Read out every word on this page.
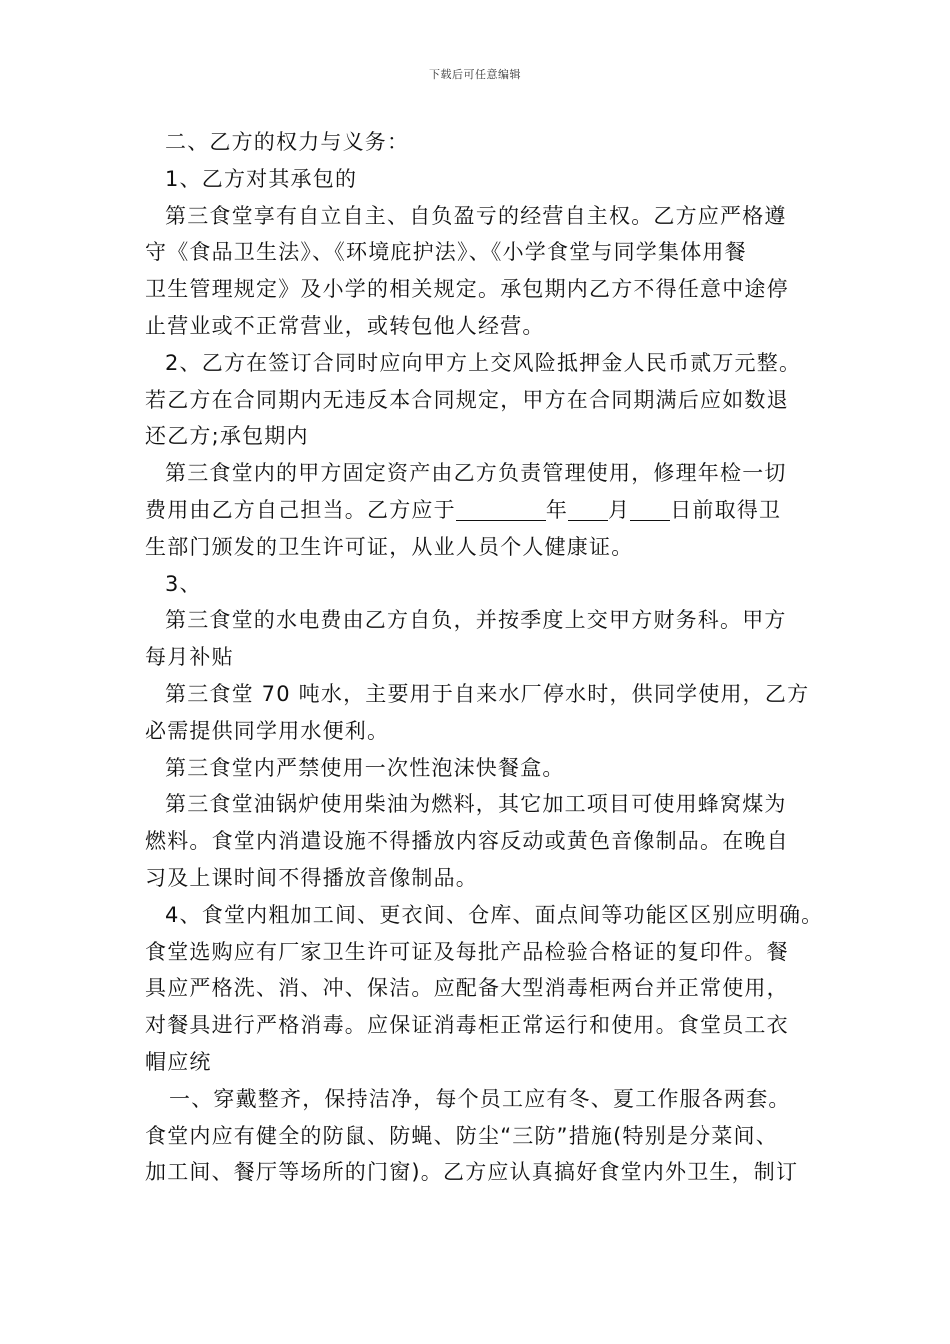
下载后可任意编辑
二、乙方的权力与义务：
1、乙方对其承包的
第三食堂享有自立自主、自负盈亏的经营自主权。乙方应严格遵
守《食品卫生法》、《环境庇护法》、《小学食堂与同学集体用餐
卫生管理规定》及小学的相关规定。承包期内乙方不得任意中途停
止营业或不正常营业，或转包他人经营。
2、乙方在签订合同时应向甲方上交风险抵押金人民币贰万元整。
若乙方在合同期内无违反本合同规定，甲方在合同期满后应如数退
还乙方;承包期内
第三食堂内的甲方固定资产由乙方负责管理使用，修理年检一切
费用由乙方自己担当。乙方应于	年 月 日前取得卫
生部门颁发的卫生许可证，从业人员个人健康证。
3、
第三食堂的水电费由乙方自负，并按季度上交甲方财务科。甲方
每月补贴
第三食堂 70 吨水，主要用于自来水厂停水时，供同学使用，乙方
必需提供同学用水便利。
第三食堂内严禁使用一次性泡沫快餐盒。
第三食堂油锅炉使用柴油为燃料，其它加工项目可使用蜂窝煤为
燃料。食堂内消遣设施不得播放内容反动或黄色音像制品。在晚自
习及上课时间不得播放音像制品。
4、食堂内粗加工间、更衣间、仓库、面点间等功能区区别应明确。
食堂选购应有厂家卫生许可证及每批产品检验合格证的复印件。餐
具应严格洗、消、冲、保洁。应配备大型消毒柜两台并正常使用，
对餐具进行严格消毒。应保证消毒柜正常运行和使用。食堂员工衣
帽应统
一、穿戴整齐，保持洁净，每个员工应有冬、夏工作服各两套。
食堂内应有健全的防鼠、防蝇、防尘“三防”措施(特别是分菜间、
加工间、餐厅等场所的门窗)。乙方应认真搞好食堂内外卫生，制订
